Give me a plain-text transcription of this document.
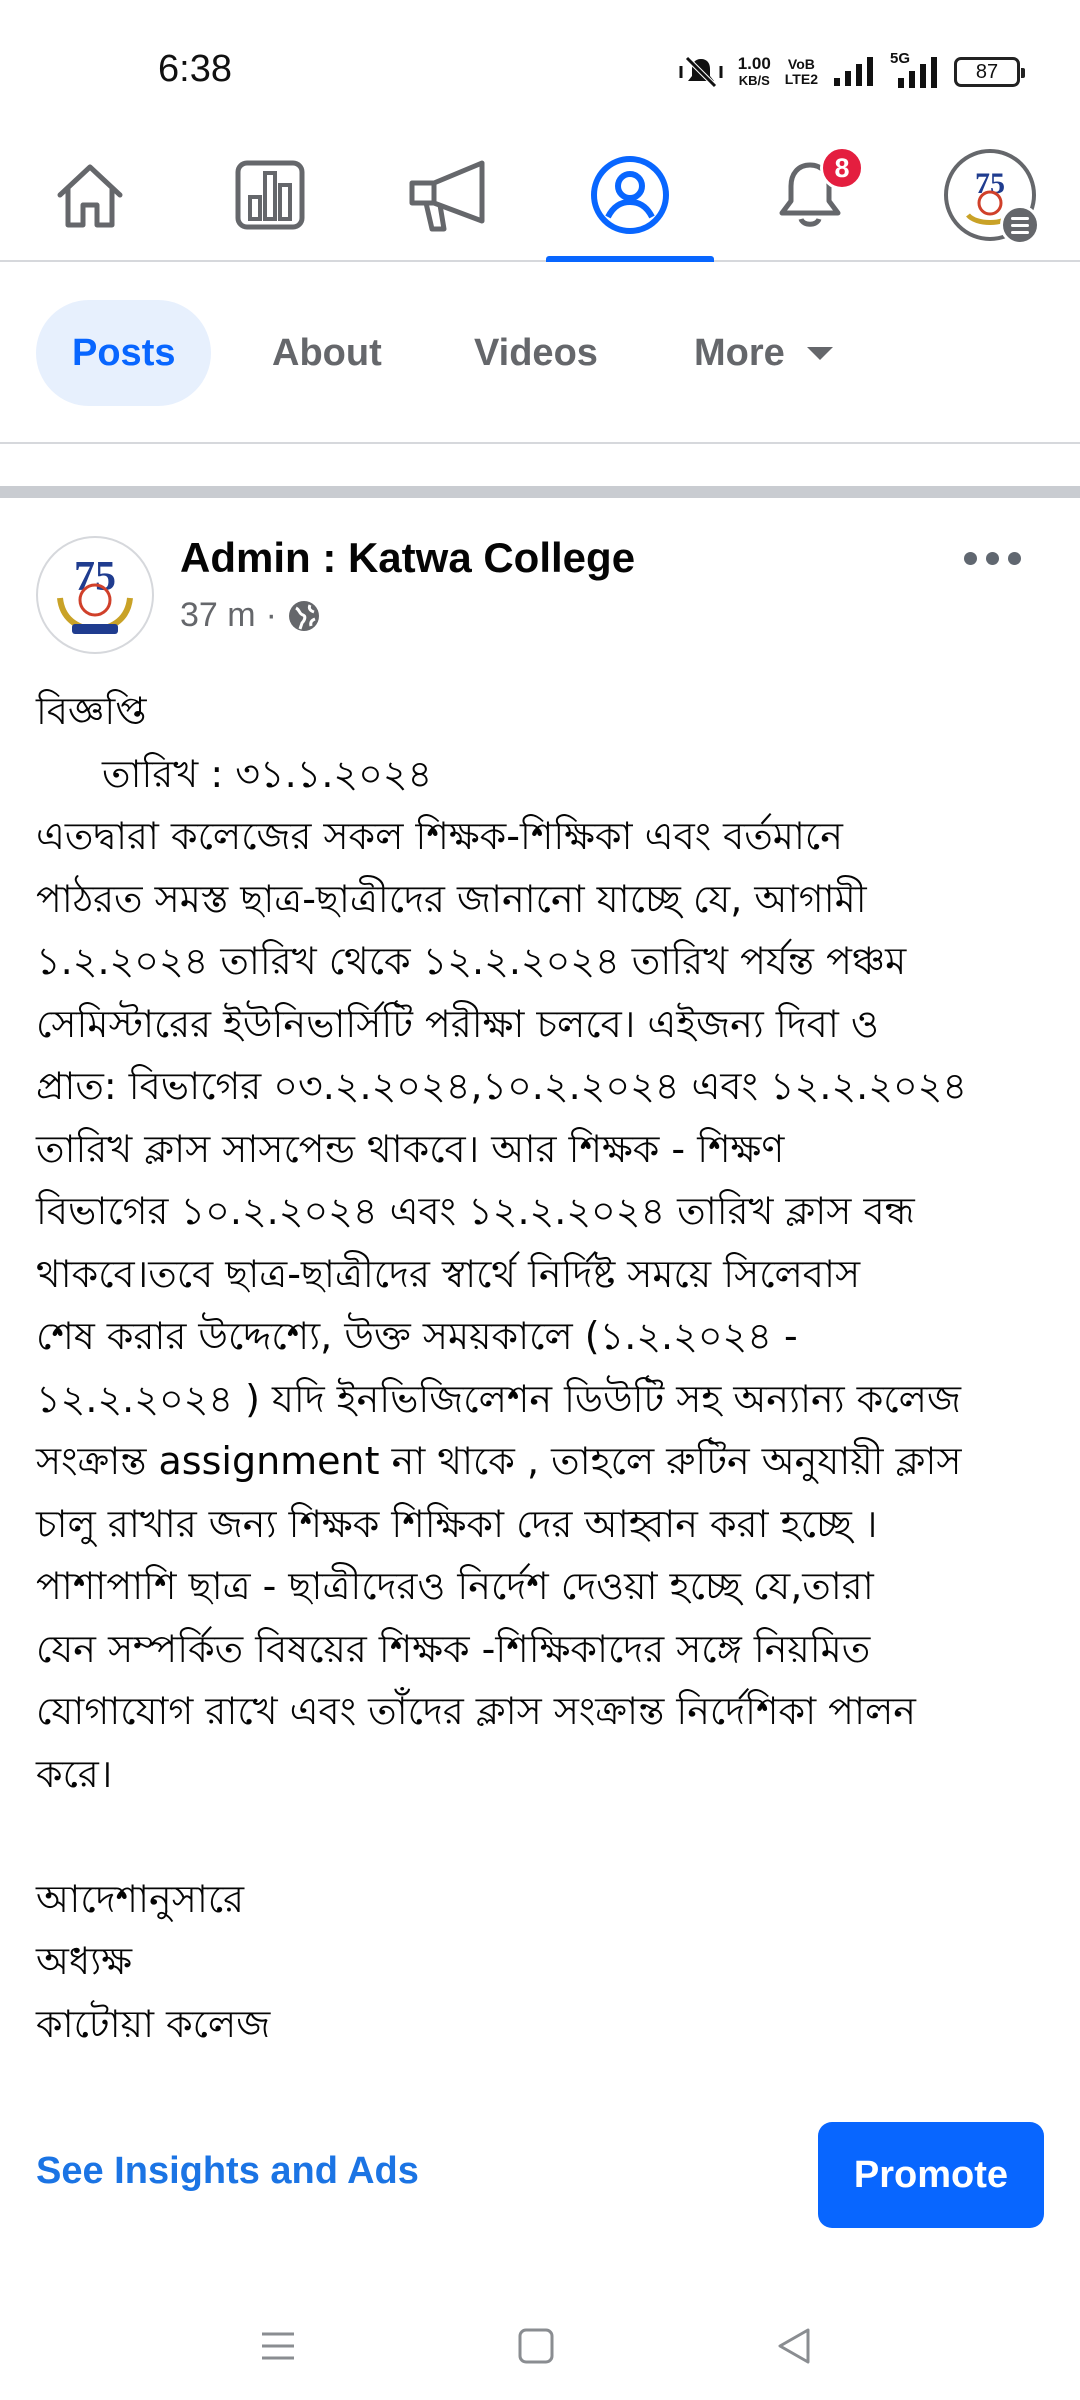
6:38	1.00
KB/S
VoB
LTE2
5G
87
8	75
Posts	About Videos	More
75 Admin : Katwa College
37 m ·

বিজ্ঞপ্তি

তারিখ : ৩১.১.২০২৪

এতদ্বারা কলেজের সকল শিক্ষক-শিক্ষিকা এবং বর্তমানে

পাঠরত সমস্ত ছাত্র-ছাত্রীদের জানানো যাচ্ছে যে, আগামী

১.২.২০২৪ তারিখ থেকে ১২.২.২০২৪ তারিখ পর্যন্ত পঞ্চম

সেমিস্টারের ইউনিভার্সিটি পরীক্ষা চলবে। এইজন্য দিবা ও

প্রাত: বিভাগের ০৩.২.২০২৪,১০.২.২০২৪ এবং ১২.২.২০২৪

তারিখ ক্লাস সাসপেন্ড থাকবে। আর শিক্ষক - শিক্ষণ

বিভাগের ১০.২.২০২৪ এবং ১২.২.২০২৪ তারিখ ক্লাস বন্ধ

থাকবে।তবে ছাত্র-ছাত্রীদের স্বার্থে নির্দিষ্ট সময়ে সিলেবাস

শেষ করার উদ্দেশ্যে, উক্ত সময়কালে (১.২.২০২৪ -

১২.২.২০২৪ ) যদি ইনভিজিলেশন ডিউটি সহ অন্যান্য কলেজ

সংক্রান্ত assignment না থাকে , তাহলে রুটিন অনুযায়ী ক্লাস

চালু রাখার জন্য শিক্ষক শিক্ষিকা দের আহ্বান করা হচ্ছে ।

পাশাপাশি ছাত্র - ছাত্রীদেরও নির্দেশ দেওয়া হচ্ছে যে,তারা

যেন সম্পর্কিত বিষয়ের শিক্ষক -শিক্ষিকাদের সঙ্গে নিয়মিত

যোগাযোগ রাখে এবং তাঁদের ক্লাস সংক্রান্ত নির্দেশিকা পালন

করে।

আদেশানুসারে

অধ্যক্ষ

কাটোয়া কলেজ

See Insights and Ads	Promote
